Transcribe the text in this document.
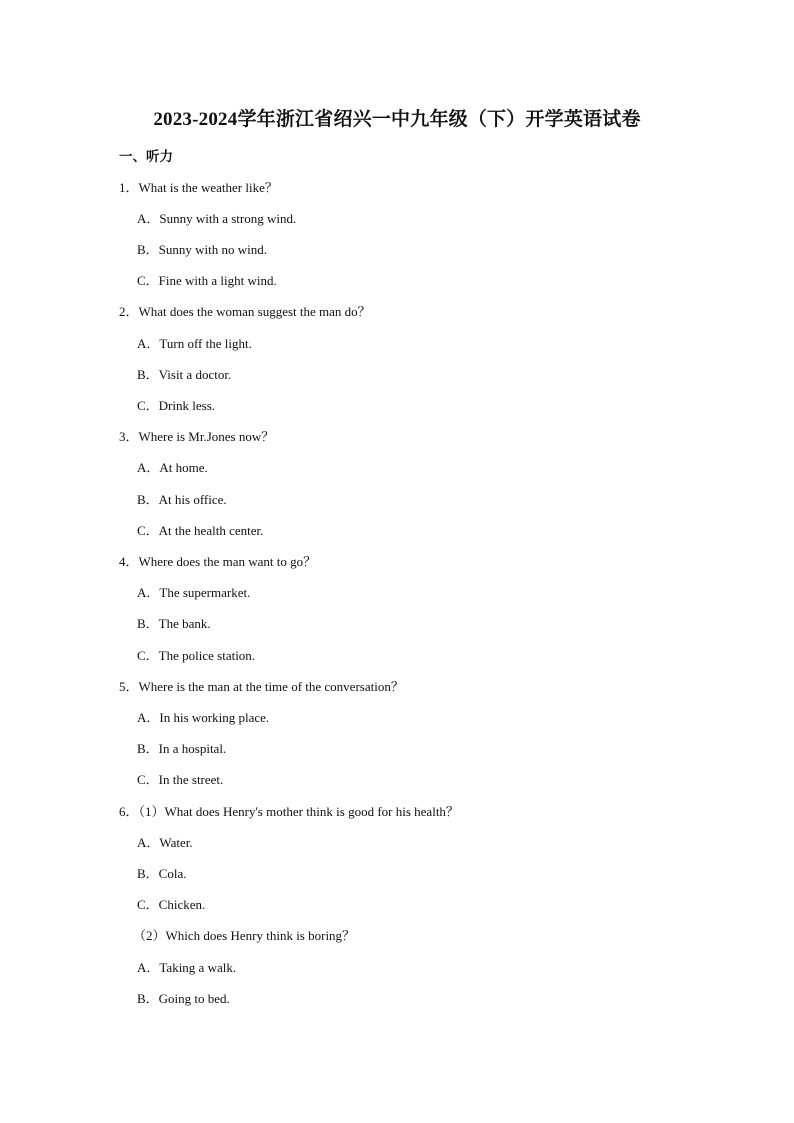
2023-2024学年浙江省绍兴一中九年级（下）开学英语试卷
一、听力
1．What is the weather like？
A．Sunny with a strong wind.
B．Sunny with no wind.
C．Fine with a light wind.
2．What does the woman suggest the man do？
A．Turn off the light.
B．Visit a doctor.
C．Drink less.
3．Where is Mr.Jones now？
A．At home.
B．At his office.
C．At the health center.
4．Where does the man want to go？
A．The supermarket.
B．The bank.
C．The police station.
5．Where is the man at the time of the conversation？
A．In his working place.
B．In a hospital.
C．In the street.
6．（1）What does Henry's mother think is good for his health？
A．Water.
B．Cola.
C．Chicken.
（2）Which does Henry think is boring？
A．Taking a walk.
B．Going to bed.
